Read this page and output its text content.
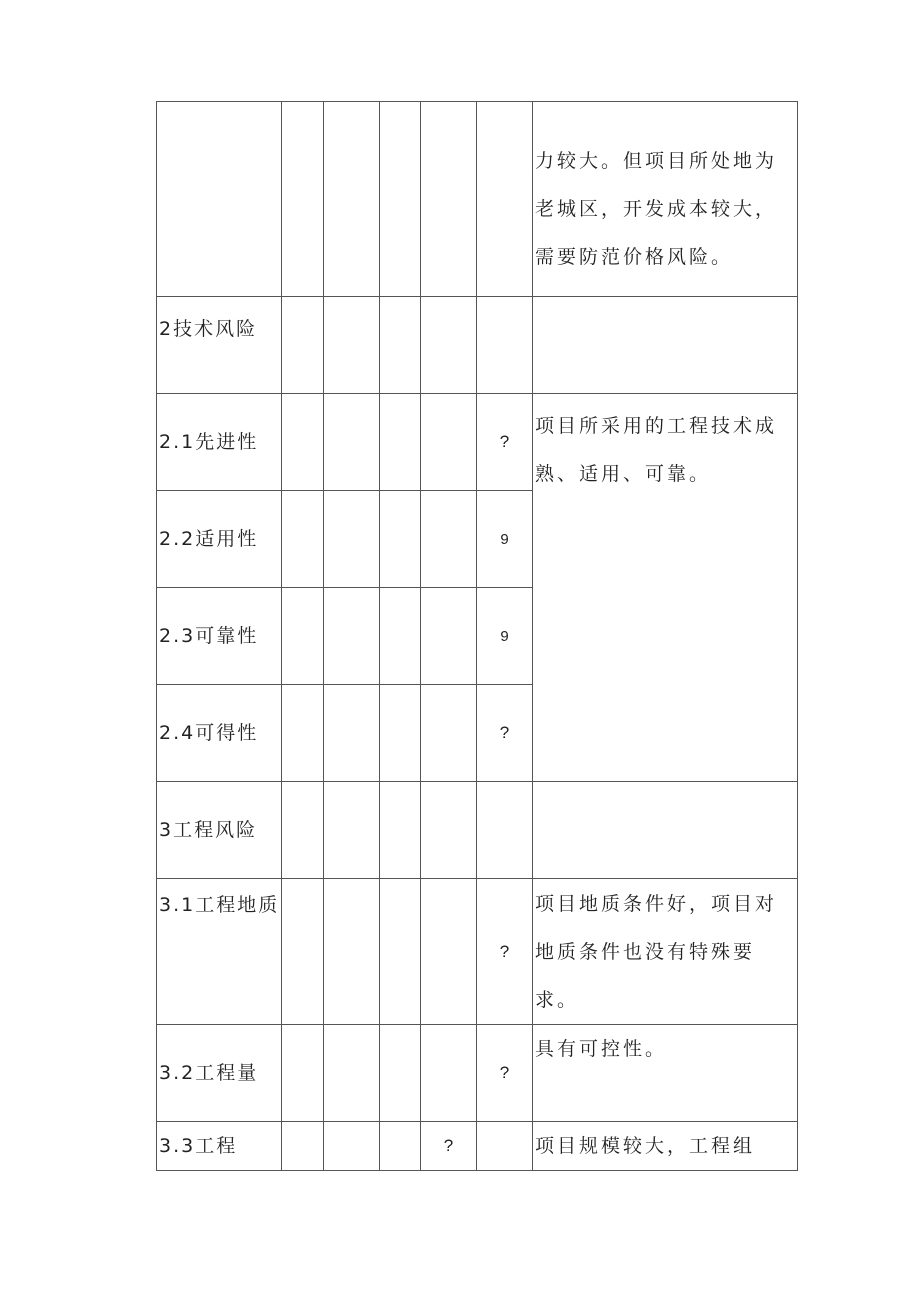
						力较大。但项目所处地为老城区，开发成本较大，需要防范价格风险。
2技术风险						
2.1先进性					?	项目所采用的工程技术成熟、适用、可靠。
2.2适用性					9	
2.3可靠性					9	
2.4可得性					?	
3工程风险						
3.1工程地质					?	项目地质条件好，项目对地质条件也没有特殊要求。
3.2工程量					?	具有可控性。
3.3工程				?		项目规模较大，工程组
